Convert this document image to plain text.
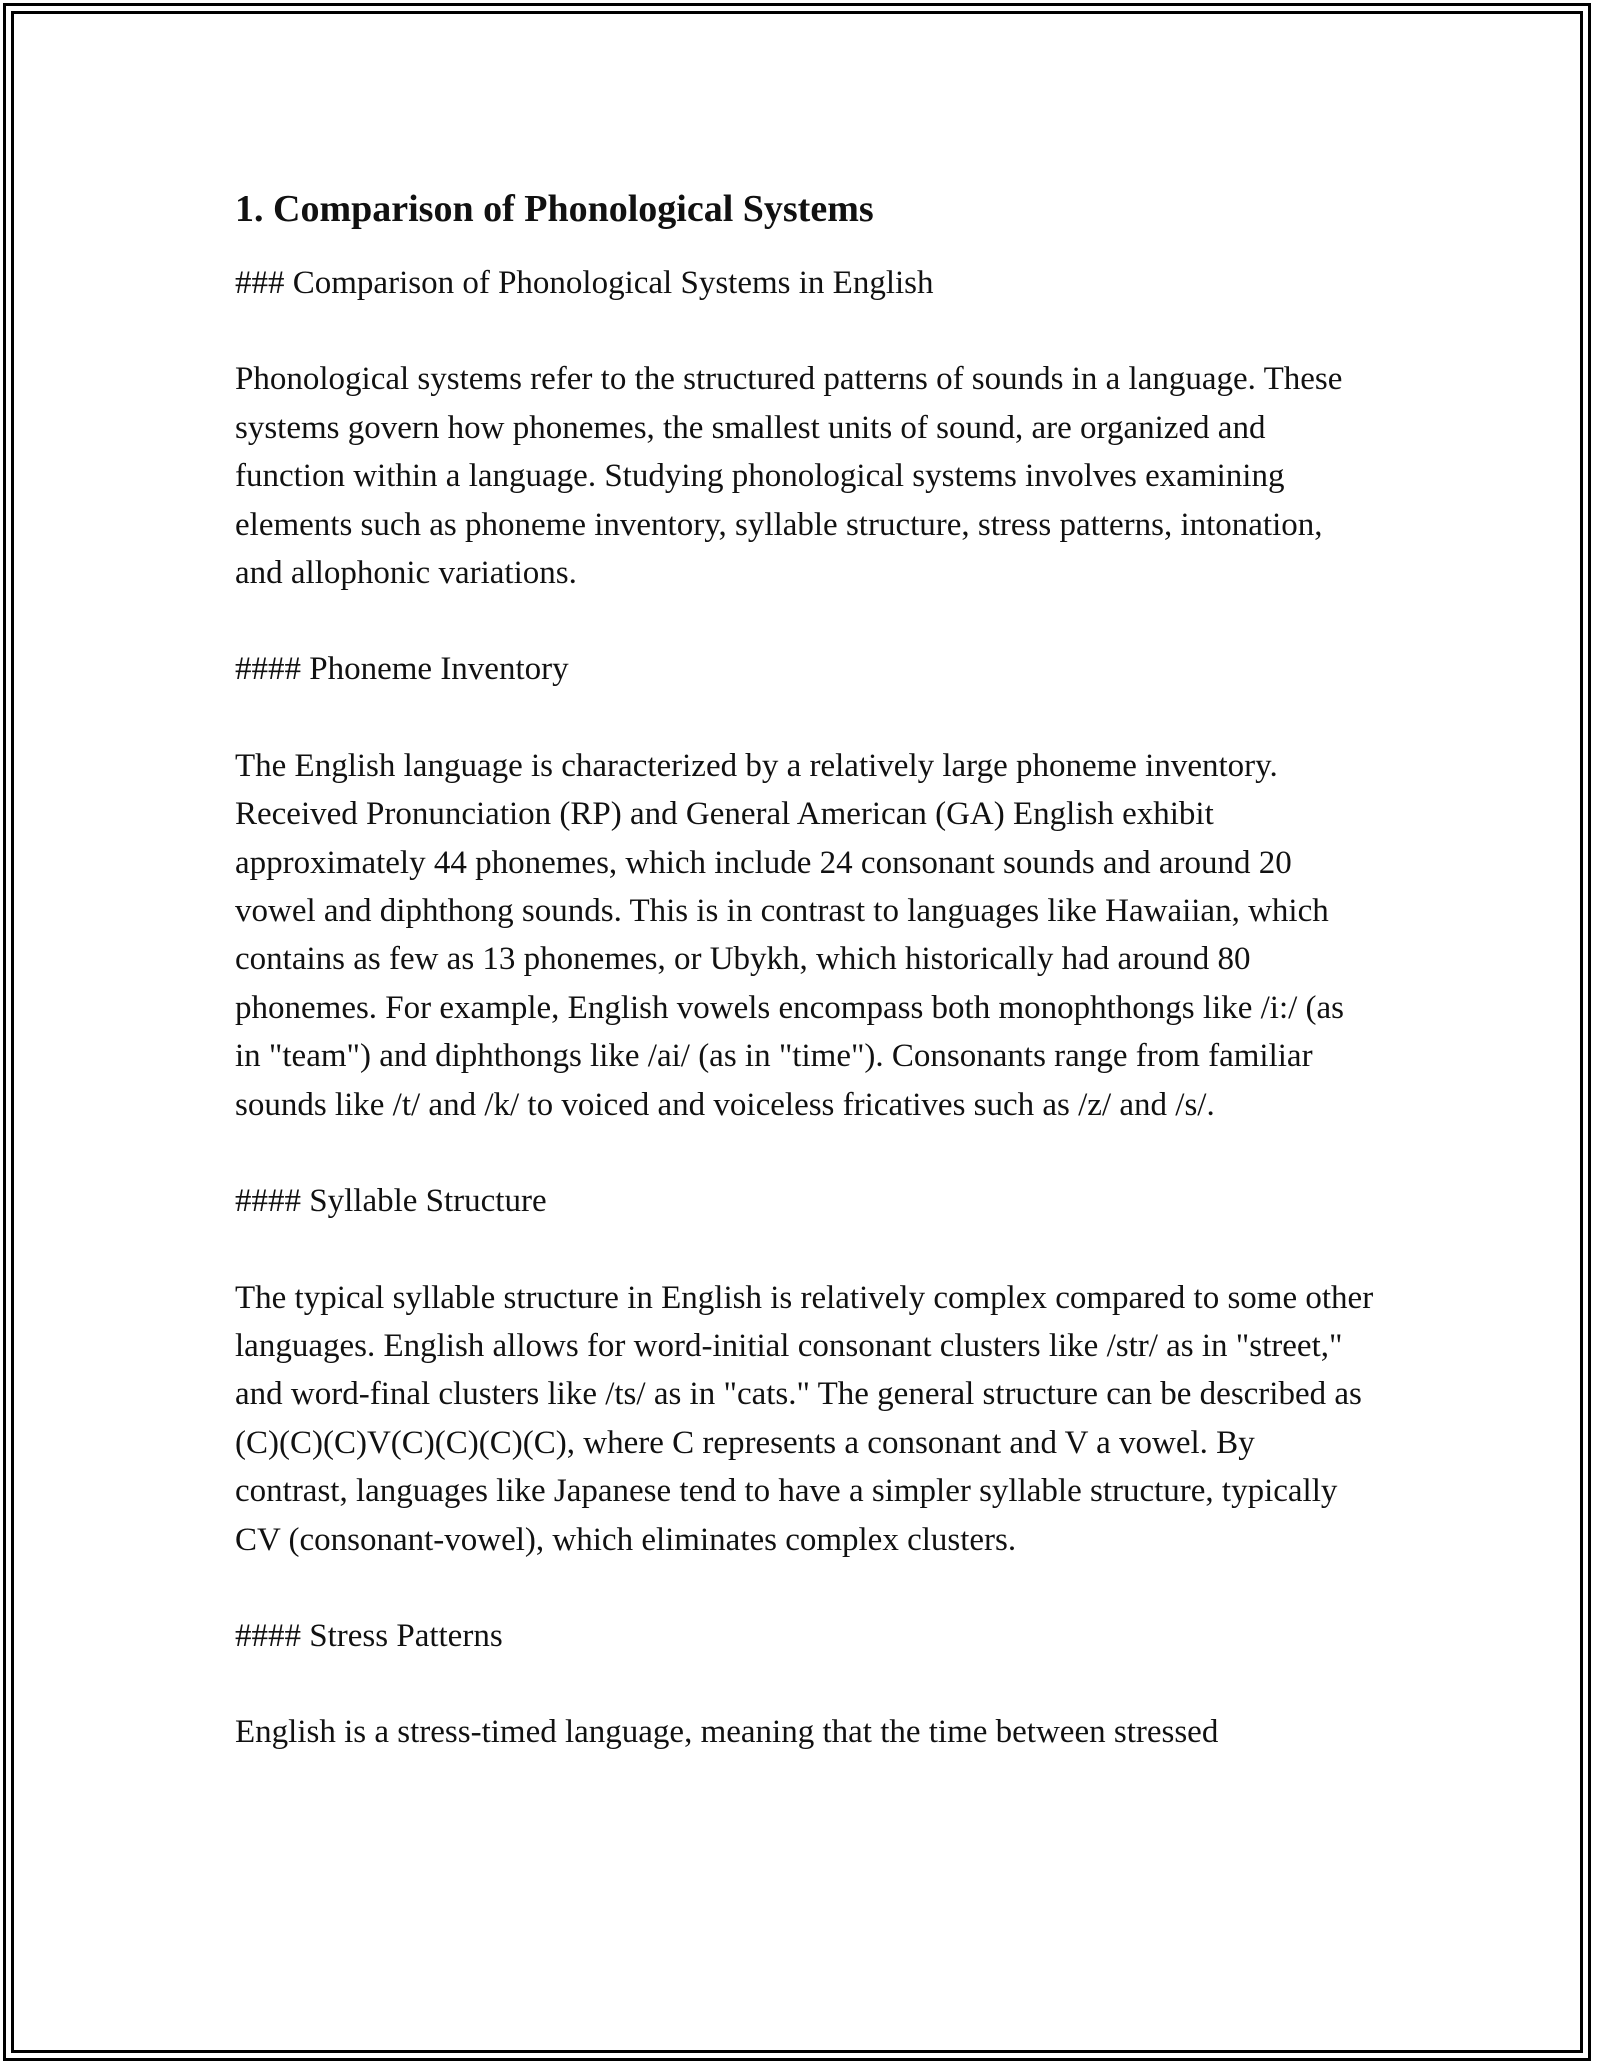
1. Comparison of Phonological Systems

### Comparison of Phonological Systems in English

Phonological systems refer to the structured patterns of sounds in a language. These systems govern how phonemes, the smallest units of sound, are organized and function within a language. Studying phonological systems involves examining elements such as phoneme inventory, syllable structure, stress patterns, intonation, and allophonic variations.

#### Phoneme Inventory

The English language is characterized by a relatively large phoneme inventory. Received Pronunciation (RP) and General American (GA) English exhibit approximately 44 phonemes, which include 24 consonant sounds and around 20 vowel and diphthong sounds. This is in contrast to languages like Hawaiian, which contains as few as 13 phonemes, or Ubykh, which historically had around 80 phonemes. For example, English vowels encompass both monophthongs like /i:/ (as in "team") and diphthongs like /ai/ (as in "time"). Consonants range from familiar sounds like /t/ and /k/ to voiced and voiceless fricatives such as /z/ and /s/.

#### Syllable Structure

The typical syllable structure in English is relatively complex compared to some other languages. English allows for word-initial consonant clusters like /str/ as in "street," and word-final clusters like /ts/ as in "cats." The general structure can be described as (C)(C)(C)V(C)(C)(C)(C), where C represents a consonant and V a vowel. By contrast, languages like Japanese tend to have a simpler syllable structure, typically CV (consonant-vowel), which eliminates complex clusters.

#### Stress Patterns

English is a stress-timed language, meaning that the time between stressed
